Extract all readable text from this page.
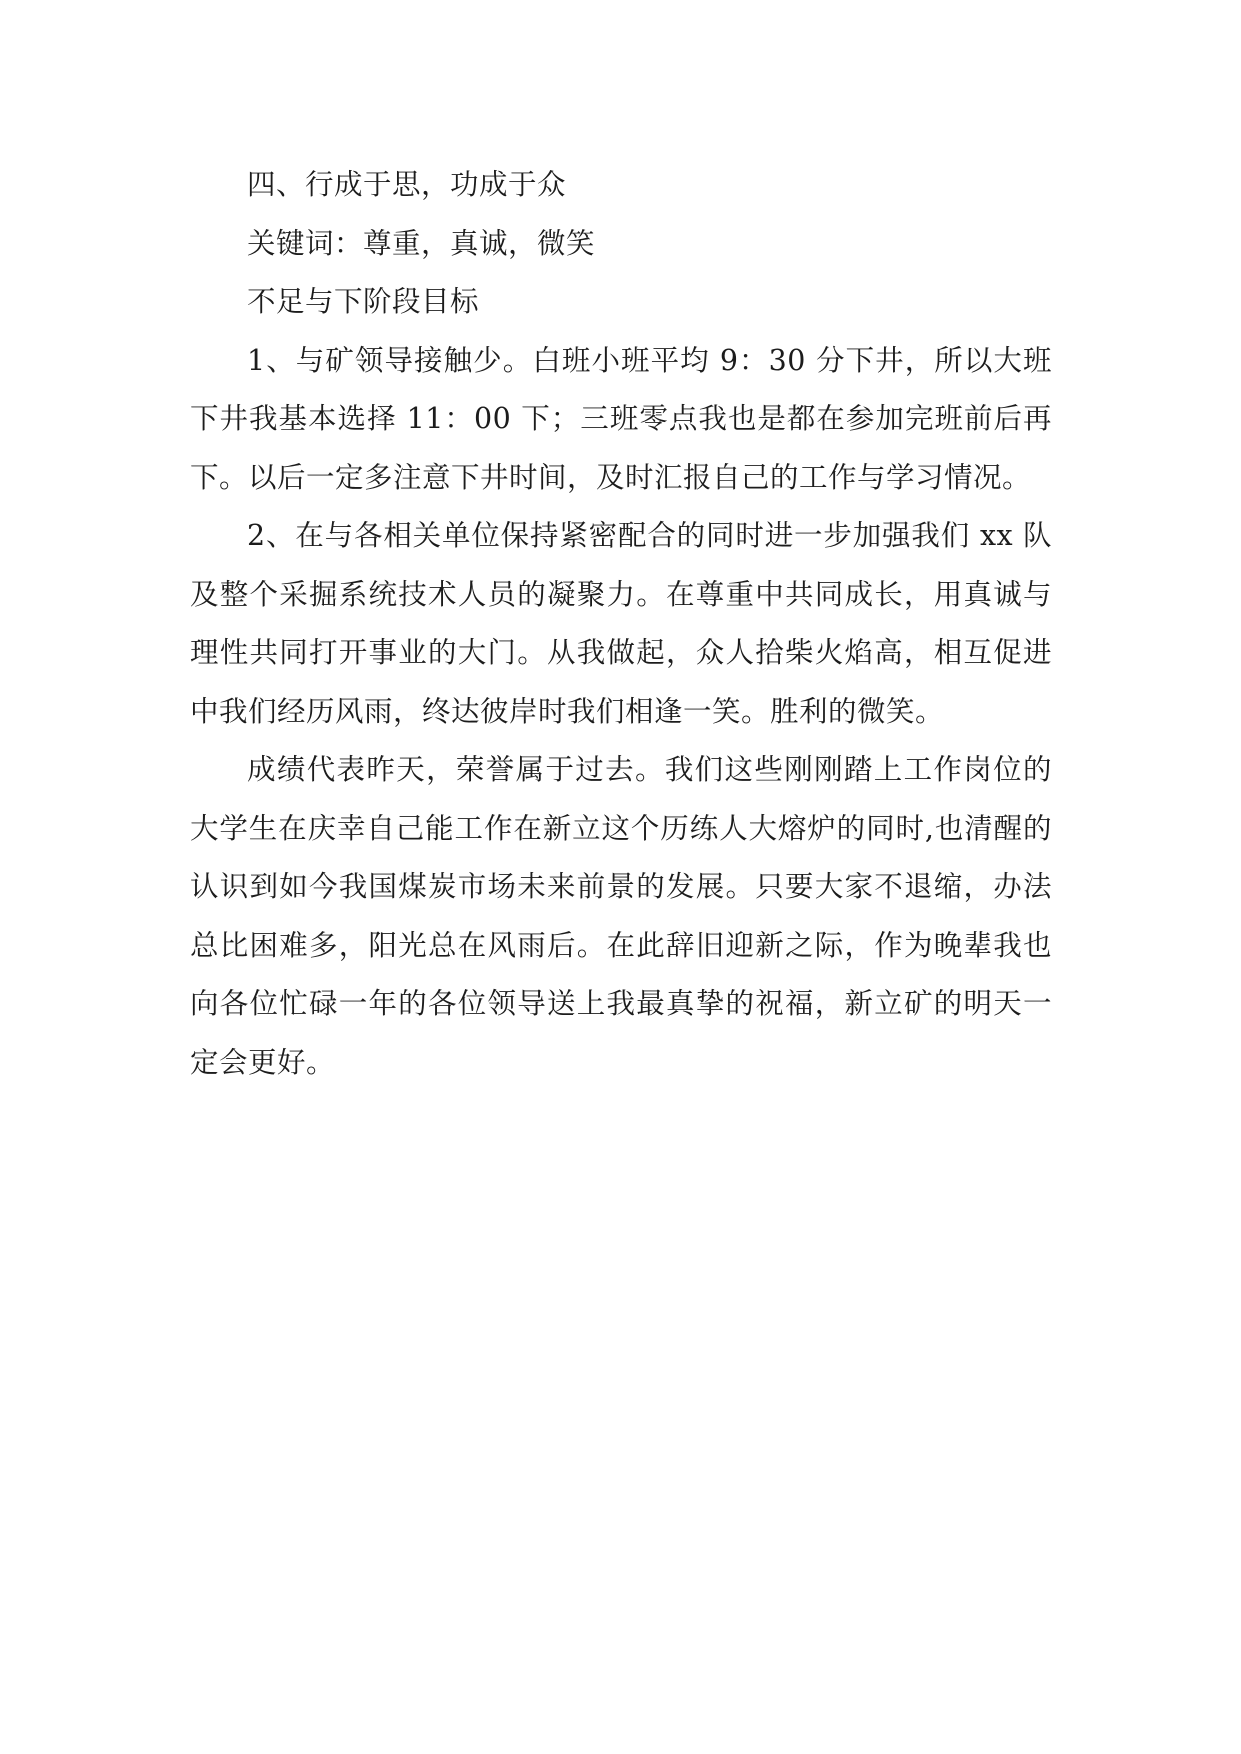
四、行成于思，功成于众

关键词：尊重，真诚，微笑

不足与下阶段目标

1、与矿领导接触少。白班小班平均 9：30 分下井，所以大班下井我基本选择 11：00 下；三班零点我也是都在参加完班前后再下。以后一定多注意下井时间，及时汇报自己的工作与学习情况。

2、在与各相关单位保持紧密配合的同时进一步加强我们 xx 队及整个采掘系统技术人员的凝聚力。在尊重中共同成长，用真诚与理性共同打开事业的大门。从我做起，众人拾柴火焰高，相互促进中我们经历风雨，终达彼岸时我们相逢一笑。胜利的微笑。

成绩代表昨天，荣誉属于过去。我们这些刚刚踏上工作岗位的大学生在庆幸自己能工作在新立这个历练人大熔炉的同时,也清醒的认识到如今我国煤炭市场未来前景的发展。只要大家不退缩，办法总比困难多，阳光总在风雨后。在此辞旧迎新之际，作为晚辈我也向各位忙碌一年的各位领导送上我最真挚的祝福，新立矿的明天一定会更好。
